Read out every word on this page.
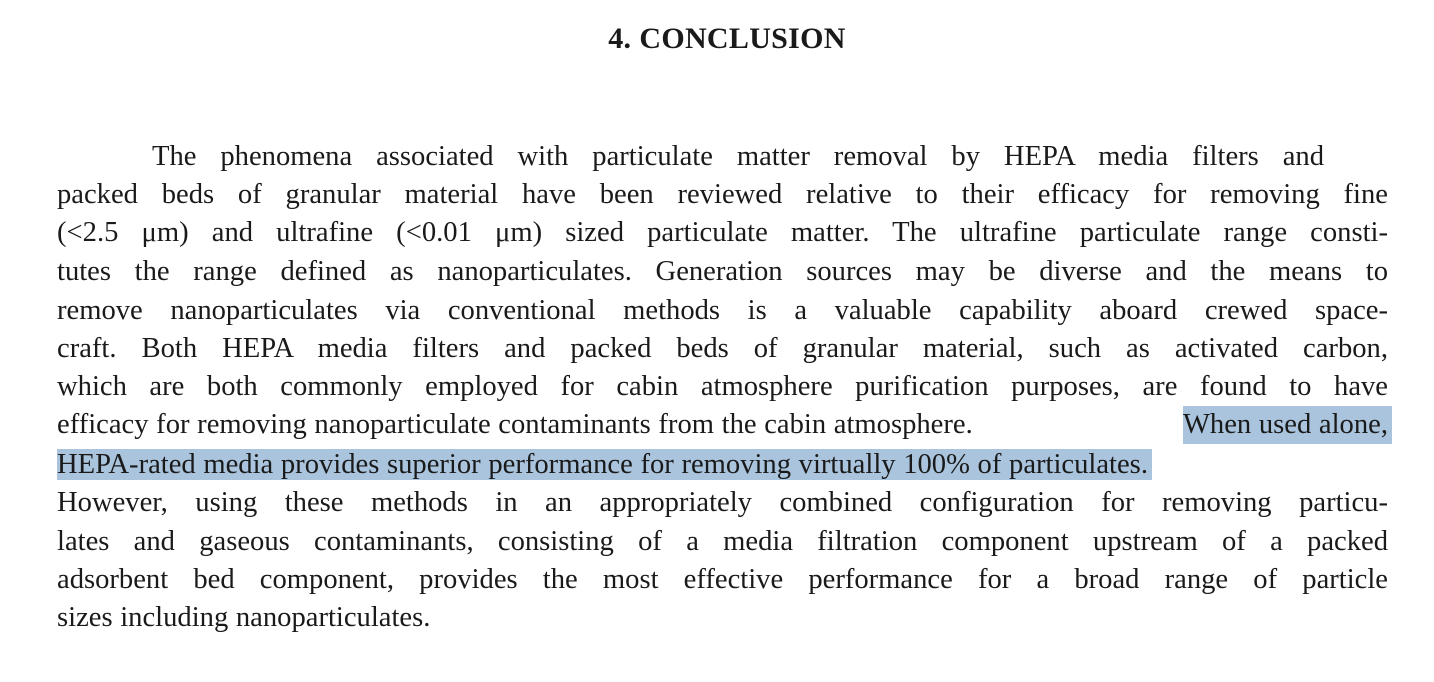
4. CONCLUSION
The phenomena associated with particulate matter removal by HEPA media filters and
packed beds of granular material have been reviewed relative to their efficacy for removing fine
(<2.5 μm) and ultrafine (<0.01 μm) sized particulate matter. The ultrafine particulate range consti-
tutes the range defined as nanoparticulates. Generation sources may be diverse and the means to
remove nanoparticulates via conventional methods is a valuable capability aboard crewed space-
craft. Both HEPA media filters and packed beds of granular material, such as activated carbon,
which are both commonly employed for cabin atmosphere purification purposes, are found to have
efficacy for removing nanoparticulate contaminants from the cabin atmosphere.	When used alone,
HEPA-rated media provides superior performance for removing virtually 100% of particulates.
However, using these methods in an appropriately combined configuration for removing particu-
lates and gaseous contaminants, consisting of a media filtration component upstream of a packed
adsorbent bed component, provides the most effective performance for a broad range of particle
sizes including nanoparticulates.
